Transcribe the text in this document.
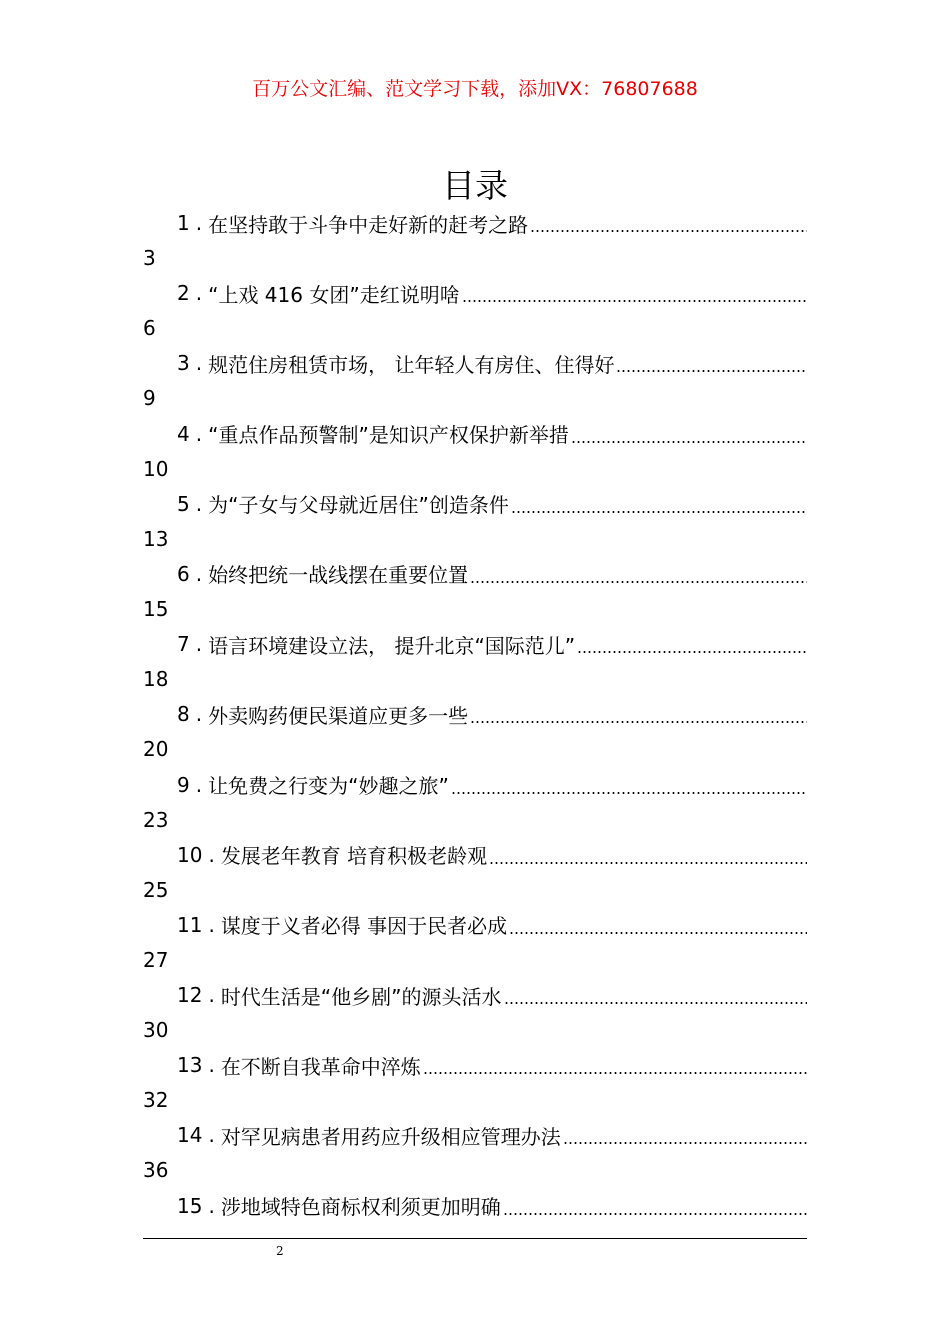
百万公文汇编、范文学习下载，添加VX：76807688
目录
1 . 在坚持敢于斗争中走好新的赶考之路
3
2 . “上戏 416 女团”走红说明啥
6
3 . 规范住房租赁市场， 让年轻人有房住、住得好
9
4 . “重点作品预警制”是知识产权保护新举措
10
5 . 为“子女与父母就近居住”创造条件
13
6 . 始终把统一战线摆在重要位置
15
7 . 语言环境建设立法， 提升北京“国际范儿”
18
8 . 外卖购药便民渠道应更多一些
20
9 . 让免费之行变为“妙趣之旅”
23
10 . 发展老年教育 培育积极老龄观
25
11 . 谋度于义者必得 事因于民者必成
27
12 . 时代生活是“他乡剧”的源头活水
30
13 . 在不断自我革命中淬炼
32
14 . 对罕见病患者用药应升级相应管理办法
36
15 . 涉地域特色商标权利须更加明确
2
